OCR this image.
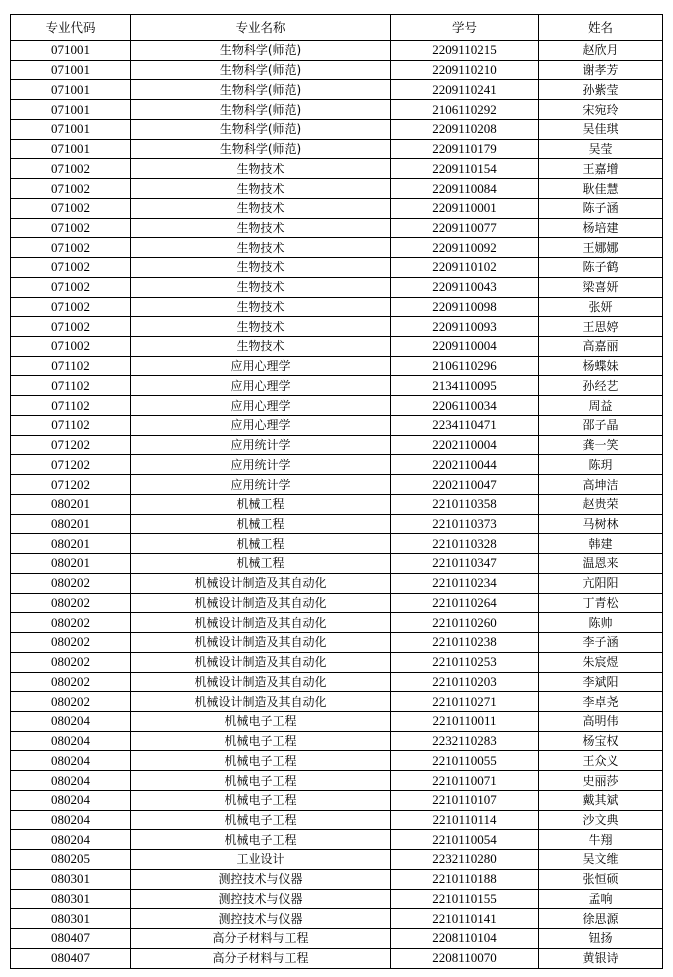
专业代码	专业名称	学号	姓名
071001	生物科学(师范)	2209110215	赵欣月
071001	生物科学(师范)	2209110210	谢孝芳
071001	生物科学(师范)	2209110241	孙紫莹
071001	生物科学(师范)	2106110292	宋宛玲
071001	生物科学(师范)	2209110208	吴佳琪
071001	生物科学(师范)	2209110179	吴莹
071002	生物技术	2209110154	王嘉增
071002	生物技术	2209110084	耿佳慧
071002	生物技术	2209110001	陈子涵
071002	生物技术	2209110077	杨培建
071002	生物技术	2209110092	王娜娜
071002	生物技术	2209110102	陈子鹤
071002	生物技术	2209110043	梁喜妍
071002	生物技术	2209110098	张妍
071002	生物技术	2209110093	王思婷
071002	生物技术	2209110004	高嘉丽
071102	应用心理学	2106110296	杨蝶妹
071102	应用心理学	2134110095	孙经艺
071102	应用心理学	2206110034	周益
071102	应用心理学	2234110471	邵子晶
071202	应用统计学	2202110004	龚一笑
071202	应用统计学	2202110044	陈玥
071202	应用统计学	2202110047	高坤洁
080201	机械工程	2210110358	赵贵荣
080201	机械工程	2210110373	马树林
080201	机械工程	2210110328	韩建
080201	机械工程	2210110347	温恩来
080202	机械设计制造及其自动化	2210110234	亢阳阳
080202	机械设计制造及其自动化	2210110264	丁青松
080202	机械设计制造及其自动化	2210110260	陈帅
080202	机械设计制造及其自动化	2210110238	李子涵
080202	机械设计制造及其自动化	2210110253	朱宸煜
080202	机械设计制造及其自动化	2210110203	李斌阳
080202	机械设计制造及其自动化	2210110271	李卓尧
080204	机械电子工程	2210110011	高明伟
080204	机械电子工程	2232110283	杨宝权
080204	机械电子工程	2210110055	王众义
080204	机械电子工程	2210110071	史丽莎
080204	机械电子工程	2210110107	戴其斌
080204	机械电子工程	2210110114	沙文典
080204	机械电子工程	2210110054	牛翔
080205	工业设计	2232110280	吴文维
080301	测控技术与仪器	2210110188	张恒硕
080301	测控技术与仪器	2210110155	孟响
080301	测控技术与仪器	2210110141	徐思源
080407	高分子材料与工程	2208110104	钮扬
080407	高分子材料与工程	2208110070	黄银诗
